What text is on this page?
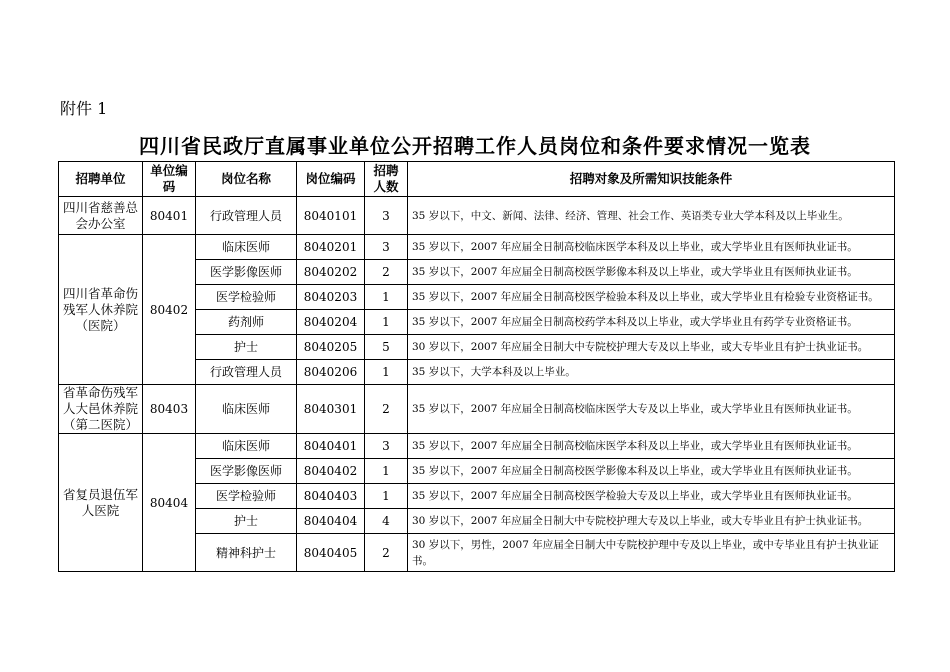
附件 1
四川省民政厅直属事业单位公开招聘工作人员岗位和条件要求情况一览表
招聘单位	单位编码	岗位名称	岗位编码	招聘人数	招聘对象及所需知识技能条件
四川省慈善总会办公室	80401	行政管理人员	8040101	3	35 岁以下，中文、新闻、法律、经济、管理、社会工作、英语类专业大学本科及以上毕业生。
四川省革命伤残军人休养院（医院）	80402	临床医师	8040201	3	35 岁以下，2007 年应届全日制高校临床医学本科及以上毕业，或大学毕业且有医师执业证书。
		医学影像医师	8040202	2	35 岁以下，2007 年应届全日制高校医学影像本科及以上毕业，或大学毕业且有医师执业证书。
		医学检验师	8040203	1	35 岁以下，2007 年应届全日制高校医学检验本科及以上毕业，或大学毕业且有检验专业资格证书。
		药剂师	8040204	1	35 岁以下，2007 年应届全日制高校药学本科及以上毕业，或大学毕业且有药学专业资格证书。
		护士	8040205	5	30 岁以下，2007 年应届全日制大中专院校护理大专及以上毕业，或大专毕业且有护士执业证书。
		行政管理人员	8040206	1	35 岁以下，大学本科及以上毕业。
省革命伤残军人大邑休养院（第二医院）	80403	临床医师	8040301	2	35 岁以下，2007 年应届全日制高校临床医学大专及以上毕业，或大学毕业且有医师执业证书。
省复员退伍军人医院	80404	临床医师	8040401	3	35 岁以下，2007 年应届全日制高校临床医学本科及以上毕业，或大学毕业且有医师执业证书。
		医学影像医师	8040402	1	35 岁以下，2007 年应届全日制高校医学影像本科及以上毕业，或大学毕业且有医师执业证书。
		医学检验师	8040403	1	35 岁以下，2007 年应届全日制高校医学检验大专及以上毕业，或大学毕业且有医师执业证书。
		护士	8040404	4	30 岁以下，2007 年应届全日制大中专院校护理大专及以上毕业，或大专毕业且有护士执业证书。
		精神科护士	8040405	2	30 岁以下，男性，2007 年应届全日制大中专院校护理中专及以上毕业，或中专毕业且有护士执业证书。
